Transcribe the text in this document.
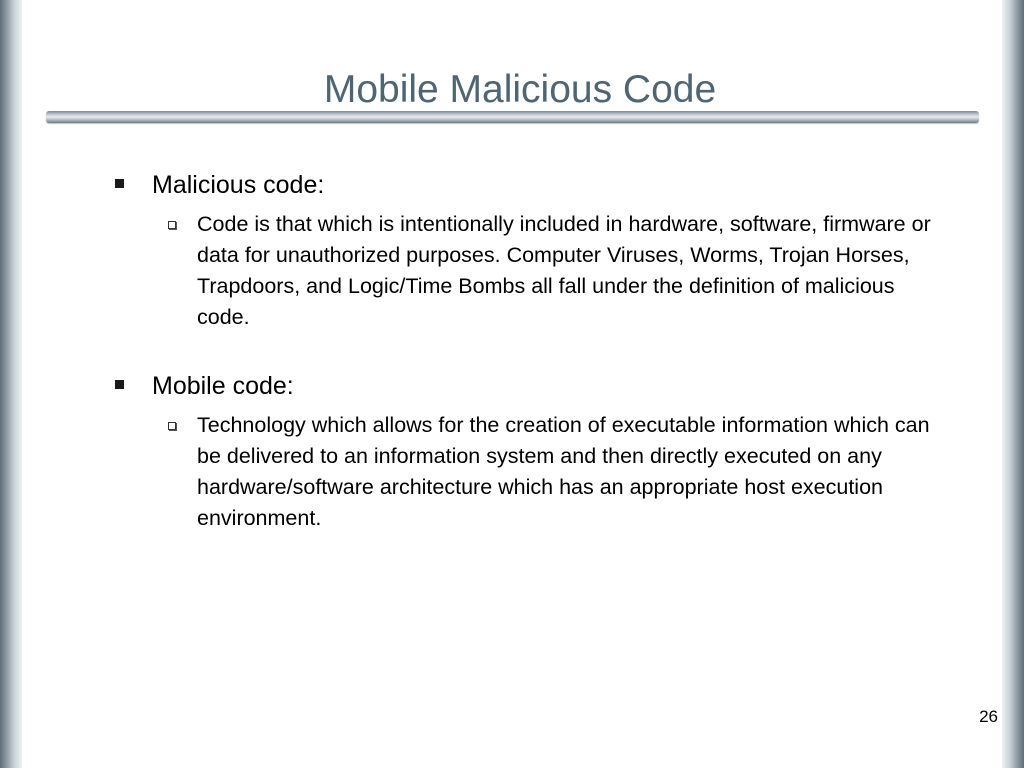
Mobile Malicious Code
Malicious code:
Code is that which is intentionally included in hardware, software, firmware or data for unauthorized purposes. Computer Viruses, Worms, Trojan Horses, Trapdoors, and Logic/Time Bombs all fall under the definition of malicious code.
Mobile code:
Technology which allows for the creation of executable information which can be delivered to an information system and then directly executed on any hardware/software architecture which has an appropriate host execution environment.
26
